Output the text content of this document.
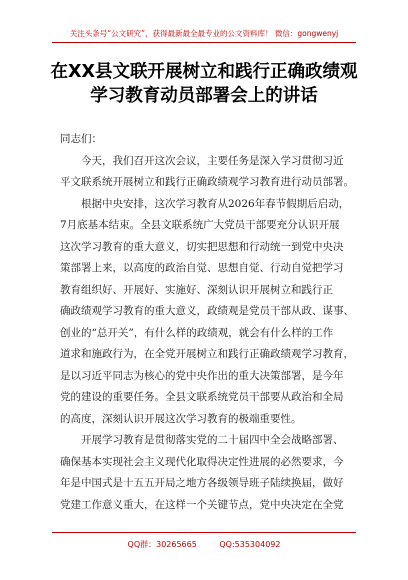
关注头条号“公文研究”，获得最新最全最专业的公文资料库！ 微信：gongwenyj
在XX县文联开展树立和践行正确政绩观
学习教育动员部署会上的讲话
同志们：
今天，我们召开这次会议，主要任务是深入学习贯彻习近
平文联系统开展树立和践行正确政绩观学习教育进行动员部署。
根据中央安排，这次学习教育从2026年春节假期后启动，
7月底基本结束。全县文联系统广大党员干部要充分认识开展
这次学习教育的重大意义，切实把思想和行动统一到党中央决
策部署上来，以高度的政治自觉、思想自觉、行动自觉把学习
教育组织好、开展好、实施好、深刻认识开展树立和践行正
确政绩观学习教育的重大意义，政绩观是党员干部从政、谋事、
创业的“总开关”，有什么样的政绩观，就会有什么样的工作
道求和施政行为，在全党开展树立和践行正确政绩观学习教育，
是以习近平同志为核心的党中央作出的重大决策部署，是今年
党的建设的重要任务。全县文联系统党员干部要从政治和全局
的高度，深刻认识开展这次学习教育的极端重要性。
开展学习教育是贯彻落实党的二十届四中全会战略部署、
确保基本实现社会主义现代化取得决定性进展的必然要求，今
年是中国式是十五五开局之地方各级领导班子陆续换届，做好
党建工作意义重大，在这样一个关键节点，党中央决定在全党
QQ群：30265665	QQ:535304092
